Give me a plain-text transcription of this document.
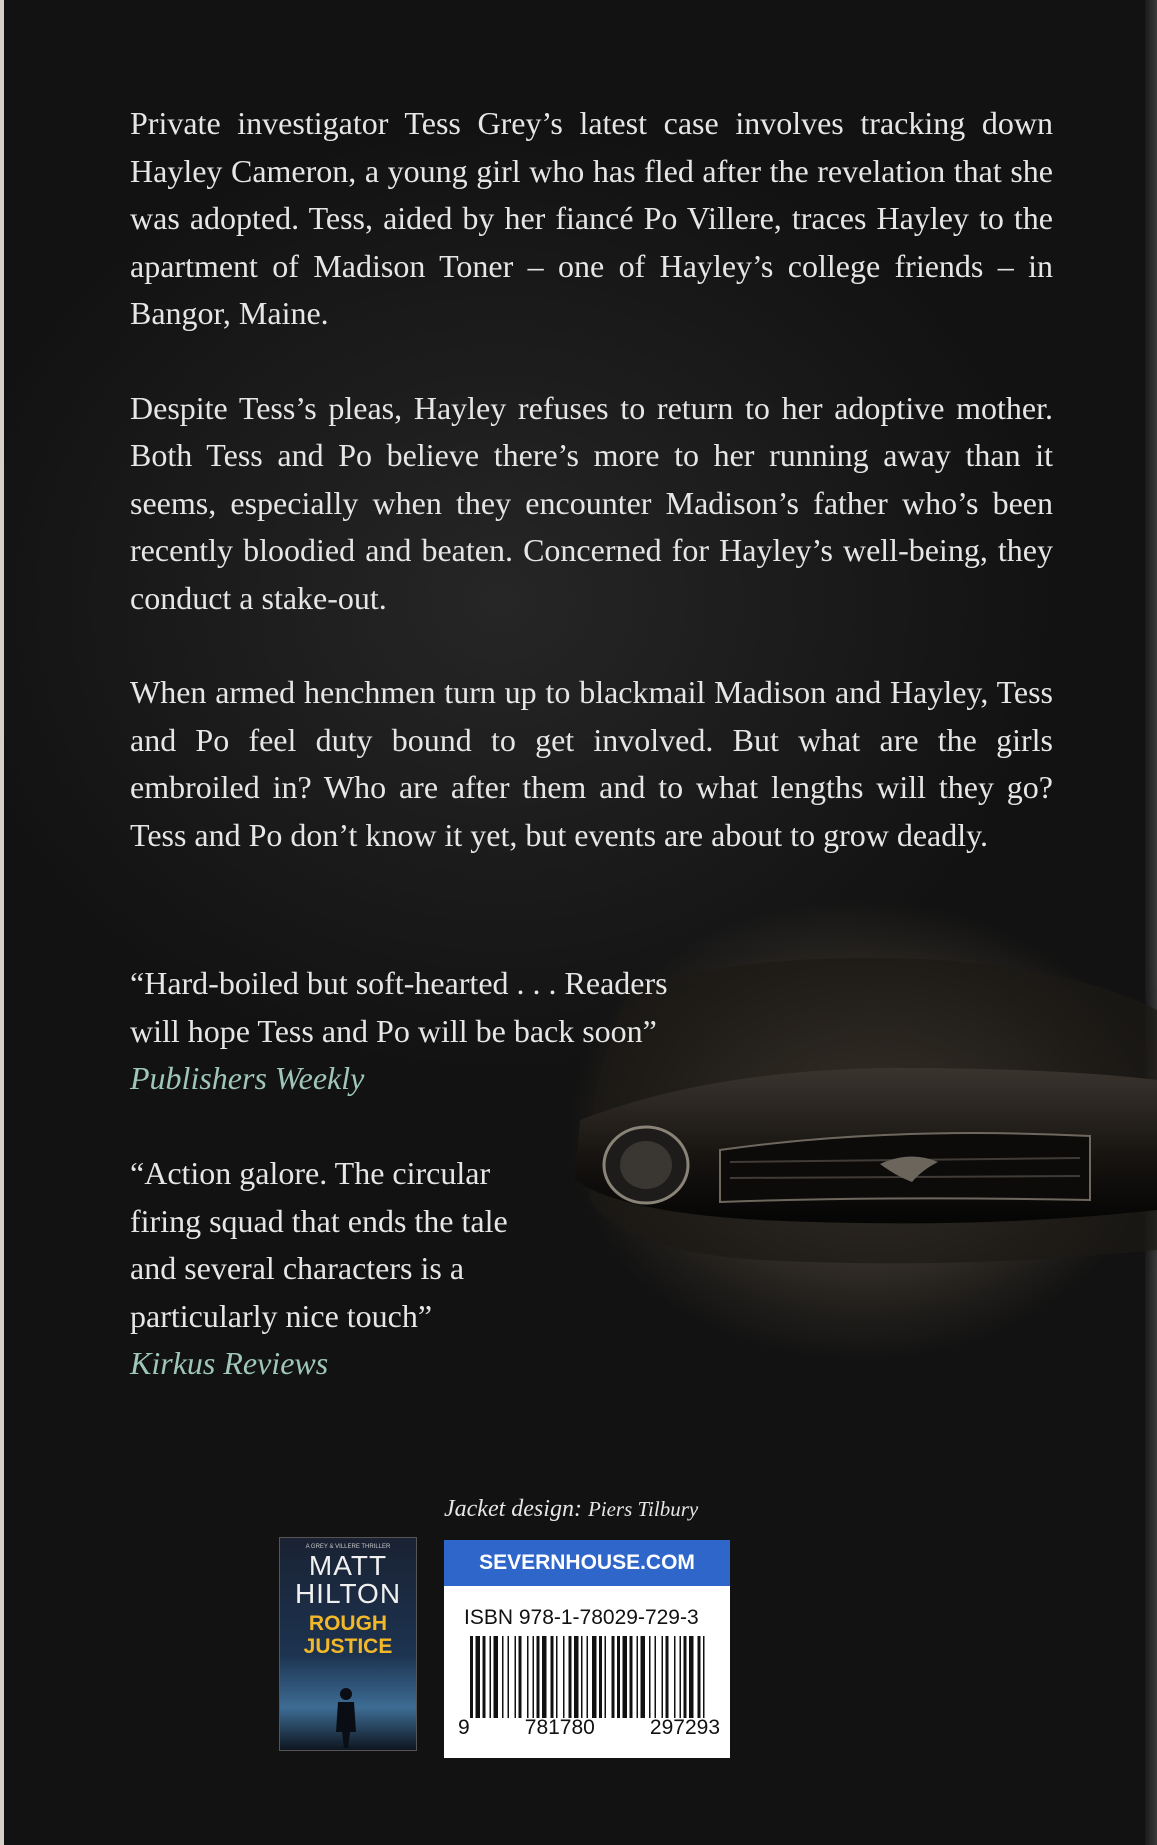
Private investigator Tess Grey’s latest case involves tracking down Hayley Cameron, a young girl who has fled after the revelation that she was adopted. Tess, aided by her fiancé Po Villere, traces Hayley to the apartment of Madison Toner – one of Hayley’s college friends – in Bangor, Maine.

Despite Tess’s pleas, Hayley refuses to return to her adoptive mother. Both Tess and Po believe there’s more to her running away than it seems, especially when they encounter Madison’s father who’s been recently bloodied and beaten. Concerned for Hayley’s well-being, they conduct a stake-out.

When armed henchmen turn up to blackmail Madison and Hayley, Tess and Po feel duty bound to get involved. But what are the girls embroiled in? Who are after them and to what lengths will they go? Tess and Po don’t know it yet, but events are about to grow deadly.

“Hard-boiled but soft-hearted . . . Readers
will hope Tess and Po will be back soon”
Publishers Weekly
“Action galore. The circular
firing squad that ends the tale
and several characters is a
particularly nice touch”
Kirkus Reviews
Jacket design: Piers Tilbury
A GREY & VILLERE THRILLER
MATT
HILTON
ROUGH
JUSTICE
SEVERNHOUSE.COM
ISBN 978-1-78029-729-3
9	781780	297293
